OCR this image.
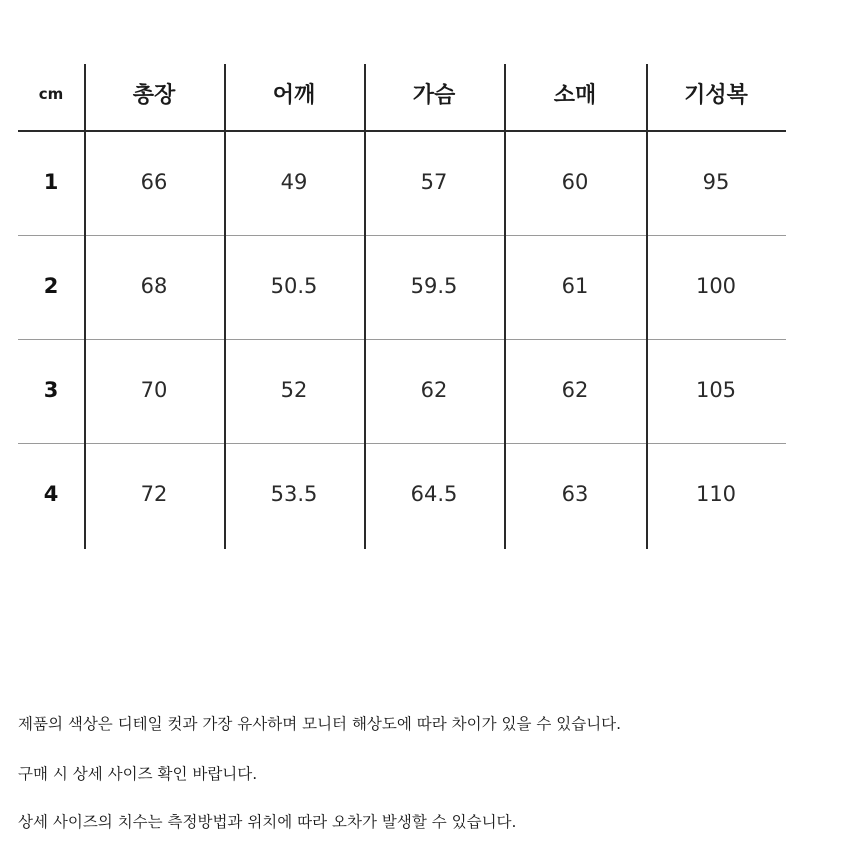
cm	총장	어깨	가슴	소매	기성복
1	66	49	57	60	95
2	68	50.5	59.5	61	100
3	70	52	62	62	105
4	72	53.5	64.5	63	110
제품의 색상은 디테일 컷과 가장 유사하며 모니터 해상도에 따라 차이가 있을 수 있습니다.
구매 시 상세 사이즈 확인 바랍니다.
상세 사이즈의 치수는 측정방법과 위치에 따라 오차가 발생할 수 있습니다.
